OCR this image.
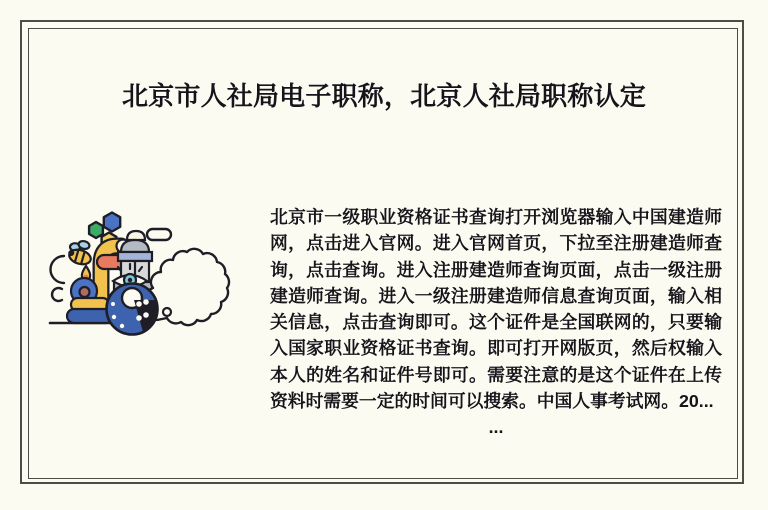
北京市人社局电子职称，北京人社局职称认定

北京市一级职业资格证书查询打开浏览器输入中国建造师网，点击进入官网。进入官网首页，下拉至注册建造师查询，点击查询。进入注册建造师查询页面，点击一级注册建造师查询。进入一级注册建造师信息查询页面，输入相关信息，点击查询即可。这个证件是全国联网的，只要输入国家职业资格证书查询。即可打开网版页，然后权输入本人的姓名和证件号即可。需要注意的是这个证件在上传资料时需要一定的时间可以搜索。中国人事考试网。20...

...
